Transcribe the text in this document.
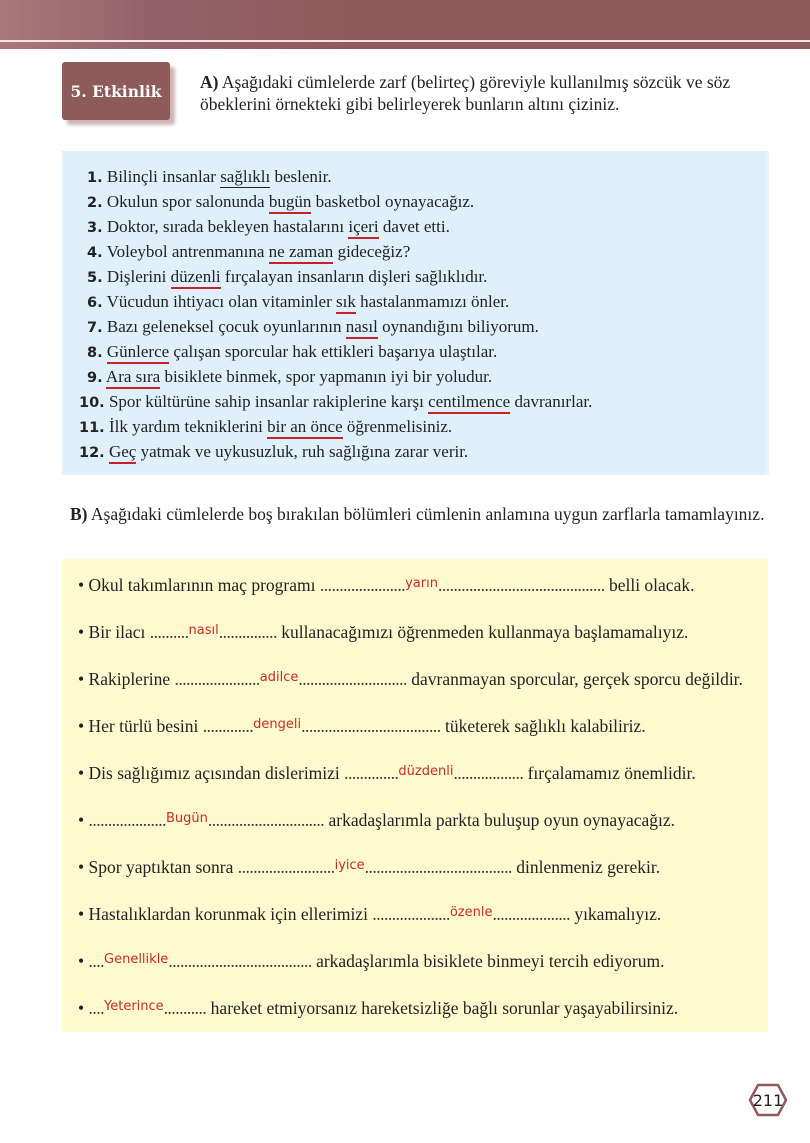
5. Etkinlik A) Aşağıdaki cümlelerde zarf (belirteç) göreviyle kullanılmış sözcük ve söz öbeklerini örnekteki gibi belirleyerek bunların altını çiziniz.
1. Bilinçli insanlar sağlıklı beslenir.
2. Okulun spor salonunda bugün basketbol oynayacağız.
3. Doktor, sırada bekleyen hastalarını içeri davet etti.
4. Voleybol antrenmanına ne zaman gideceğiz?
5. Dişlerini düzenli fırçalayan insanların dişleri sağlıklıdır.
6. Vücudun ihtiyacı olan vitaminler sık hastalanmamızı önler.
7. Bazı geleneksel çocuk oyunlarının nasıl oynandığını biliyorum.
8. Günlerce çalışan sporcular hak ettikleri başarıya ulaştılar.
9. Ara sıra bisiklete binmek, spor yapmanın iyi bir yoludur.
10. Spor kültürüne sahip insanlar rakiplerine karşı centilmence davranırlar.
11. İlk yardım tekniklerini bir an önce öğrenmelisiniz.
12. Geç yatmak ve uykusuzluk, ruh sağlığına zarar verir.
B) Aşağıdaki cümlelerde boş bırakılan bölümleri cümlenin anlamına uygun zarflarla tamamlayınız.
• Okul takımlarının maç programı ......................$^{yarın}$........................................... belli olacak.
• Bir ilacı ..........$^{nasıl}$............... kullanacağımızı öğrenmeden kullanmaya başlamamalıyız.
• Rakiplerine ......................$^{adilce}$............................ davranmayan sporcular, gerçek sporcu değildir.
• Her türlü besini .............$^{dengeli}$.................................... tüketerek sağlıklı kalabiliriz.
• Dis sağlığımız açısından dislerimizi ..............$^{düzdenli}$.................. fırçalamamız önemlidir.
• ....................$^{Bugün}$.............................. arkadaşlarımla parkta buluşup oyun oynayacağız.
• Spor yaptıktan sonra .........................$^{iyice}$...................................... dinlenmeniz gerekir.
• Hastalıklardan korunmak için ellerimizi ....................$^{özenle}$.................... yıkamalıyız.
• ....$^{Genellikle}$..................................... arkadaşlarımla bisiklete binmeyi tercih ediyorum.
• ....$^{Yeterince}$........... hareket etmiyorsanız hareketsizliğe bağlı sorunlar yaşayabilirsiniz.
211
